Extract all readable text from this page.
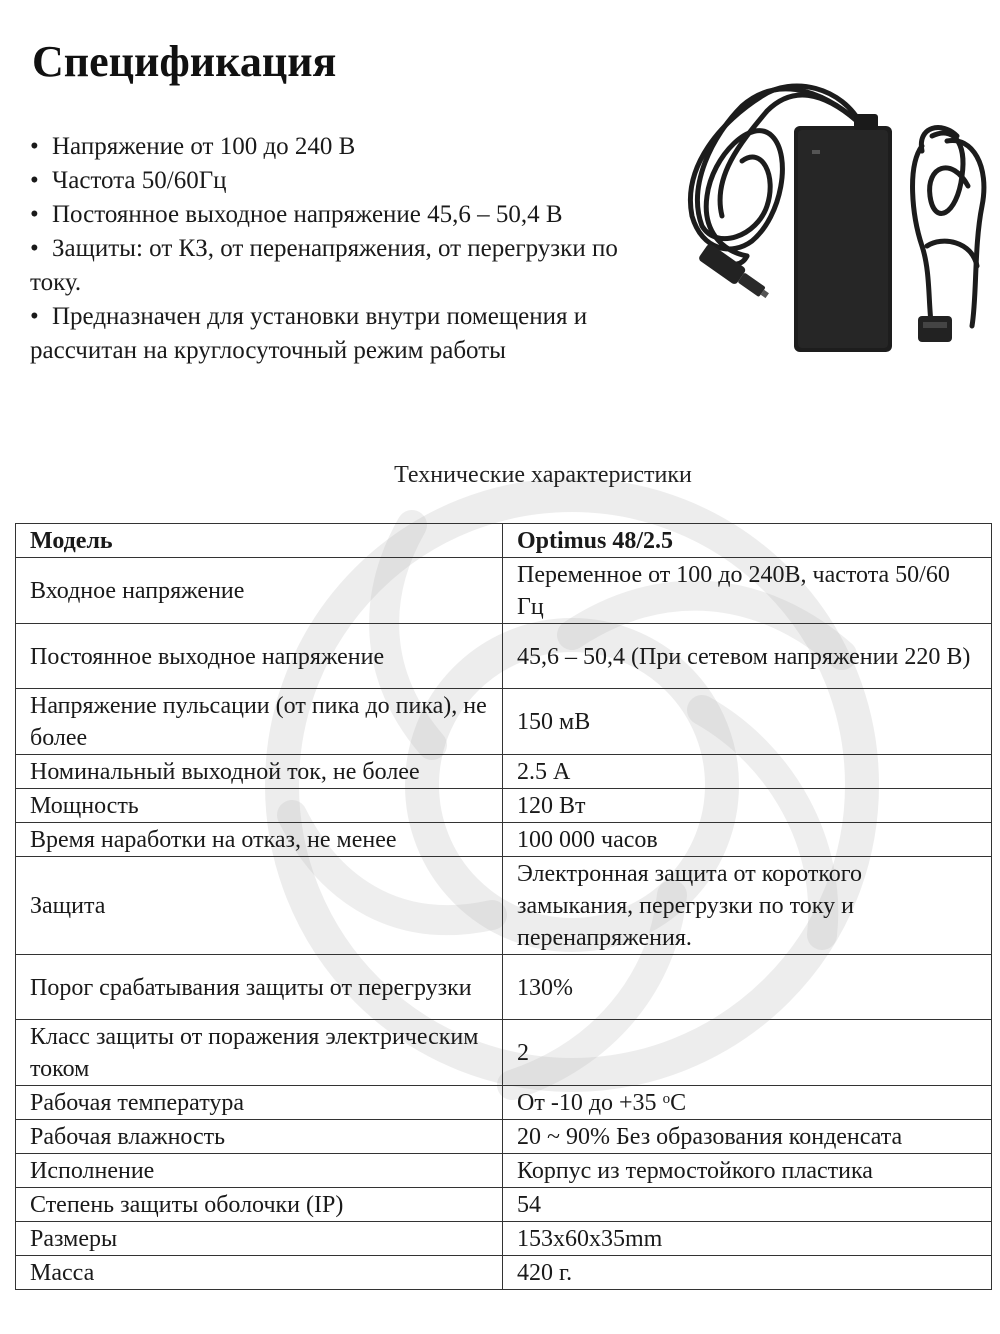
Спецификация
• Напряжение от 100 до 240 В
• Частота 50/60Гц
• Постоянное выходное напряжение 45,6 – 50,4 В
• Защиты: от КЗ, от перенапряжения, от перегрузки по току.
• Предназначен для установки внутри помещения и рассчитан на круглосуточный режим работы
Технические характеристики
Модель	Optimus 48/2.5
Входное напряжение	Переменное от 100 до 240В, частота 50/60 Гц
Постоянное выходное напряжение	45,6 – 50,4 (При сетевом напряжении 220 В)
Напряжение пульсации (от пика до пика), не более	150 мВ
Номинальный выходной ток, не более	2.5 А
Мощность	120 Вт
Время наработки на отказ, не менее	100 000 часов
Защита	Электронная защита от короткого замыкания, перегрузки по току и перенапряжения.
Порог срабатывания защиты от перегрузки	130%
Класс защиты от поражения электрическим током	2
Рабочая температура	От -10 до +35 $^o$C
Рабочая влажность	20 ~ 90% Без образования конденсата
Исполнение	Корпус из термостойкого пластика
Степень защиты оболочки (IP)	54
Размеры	153x60x35mm
Масса	420 г.
